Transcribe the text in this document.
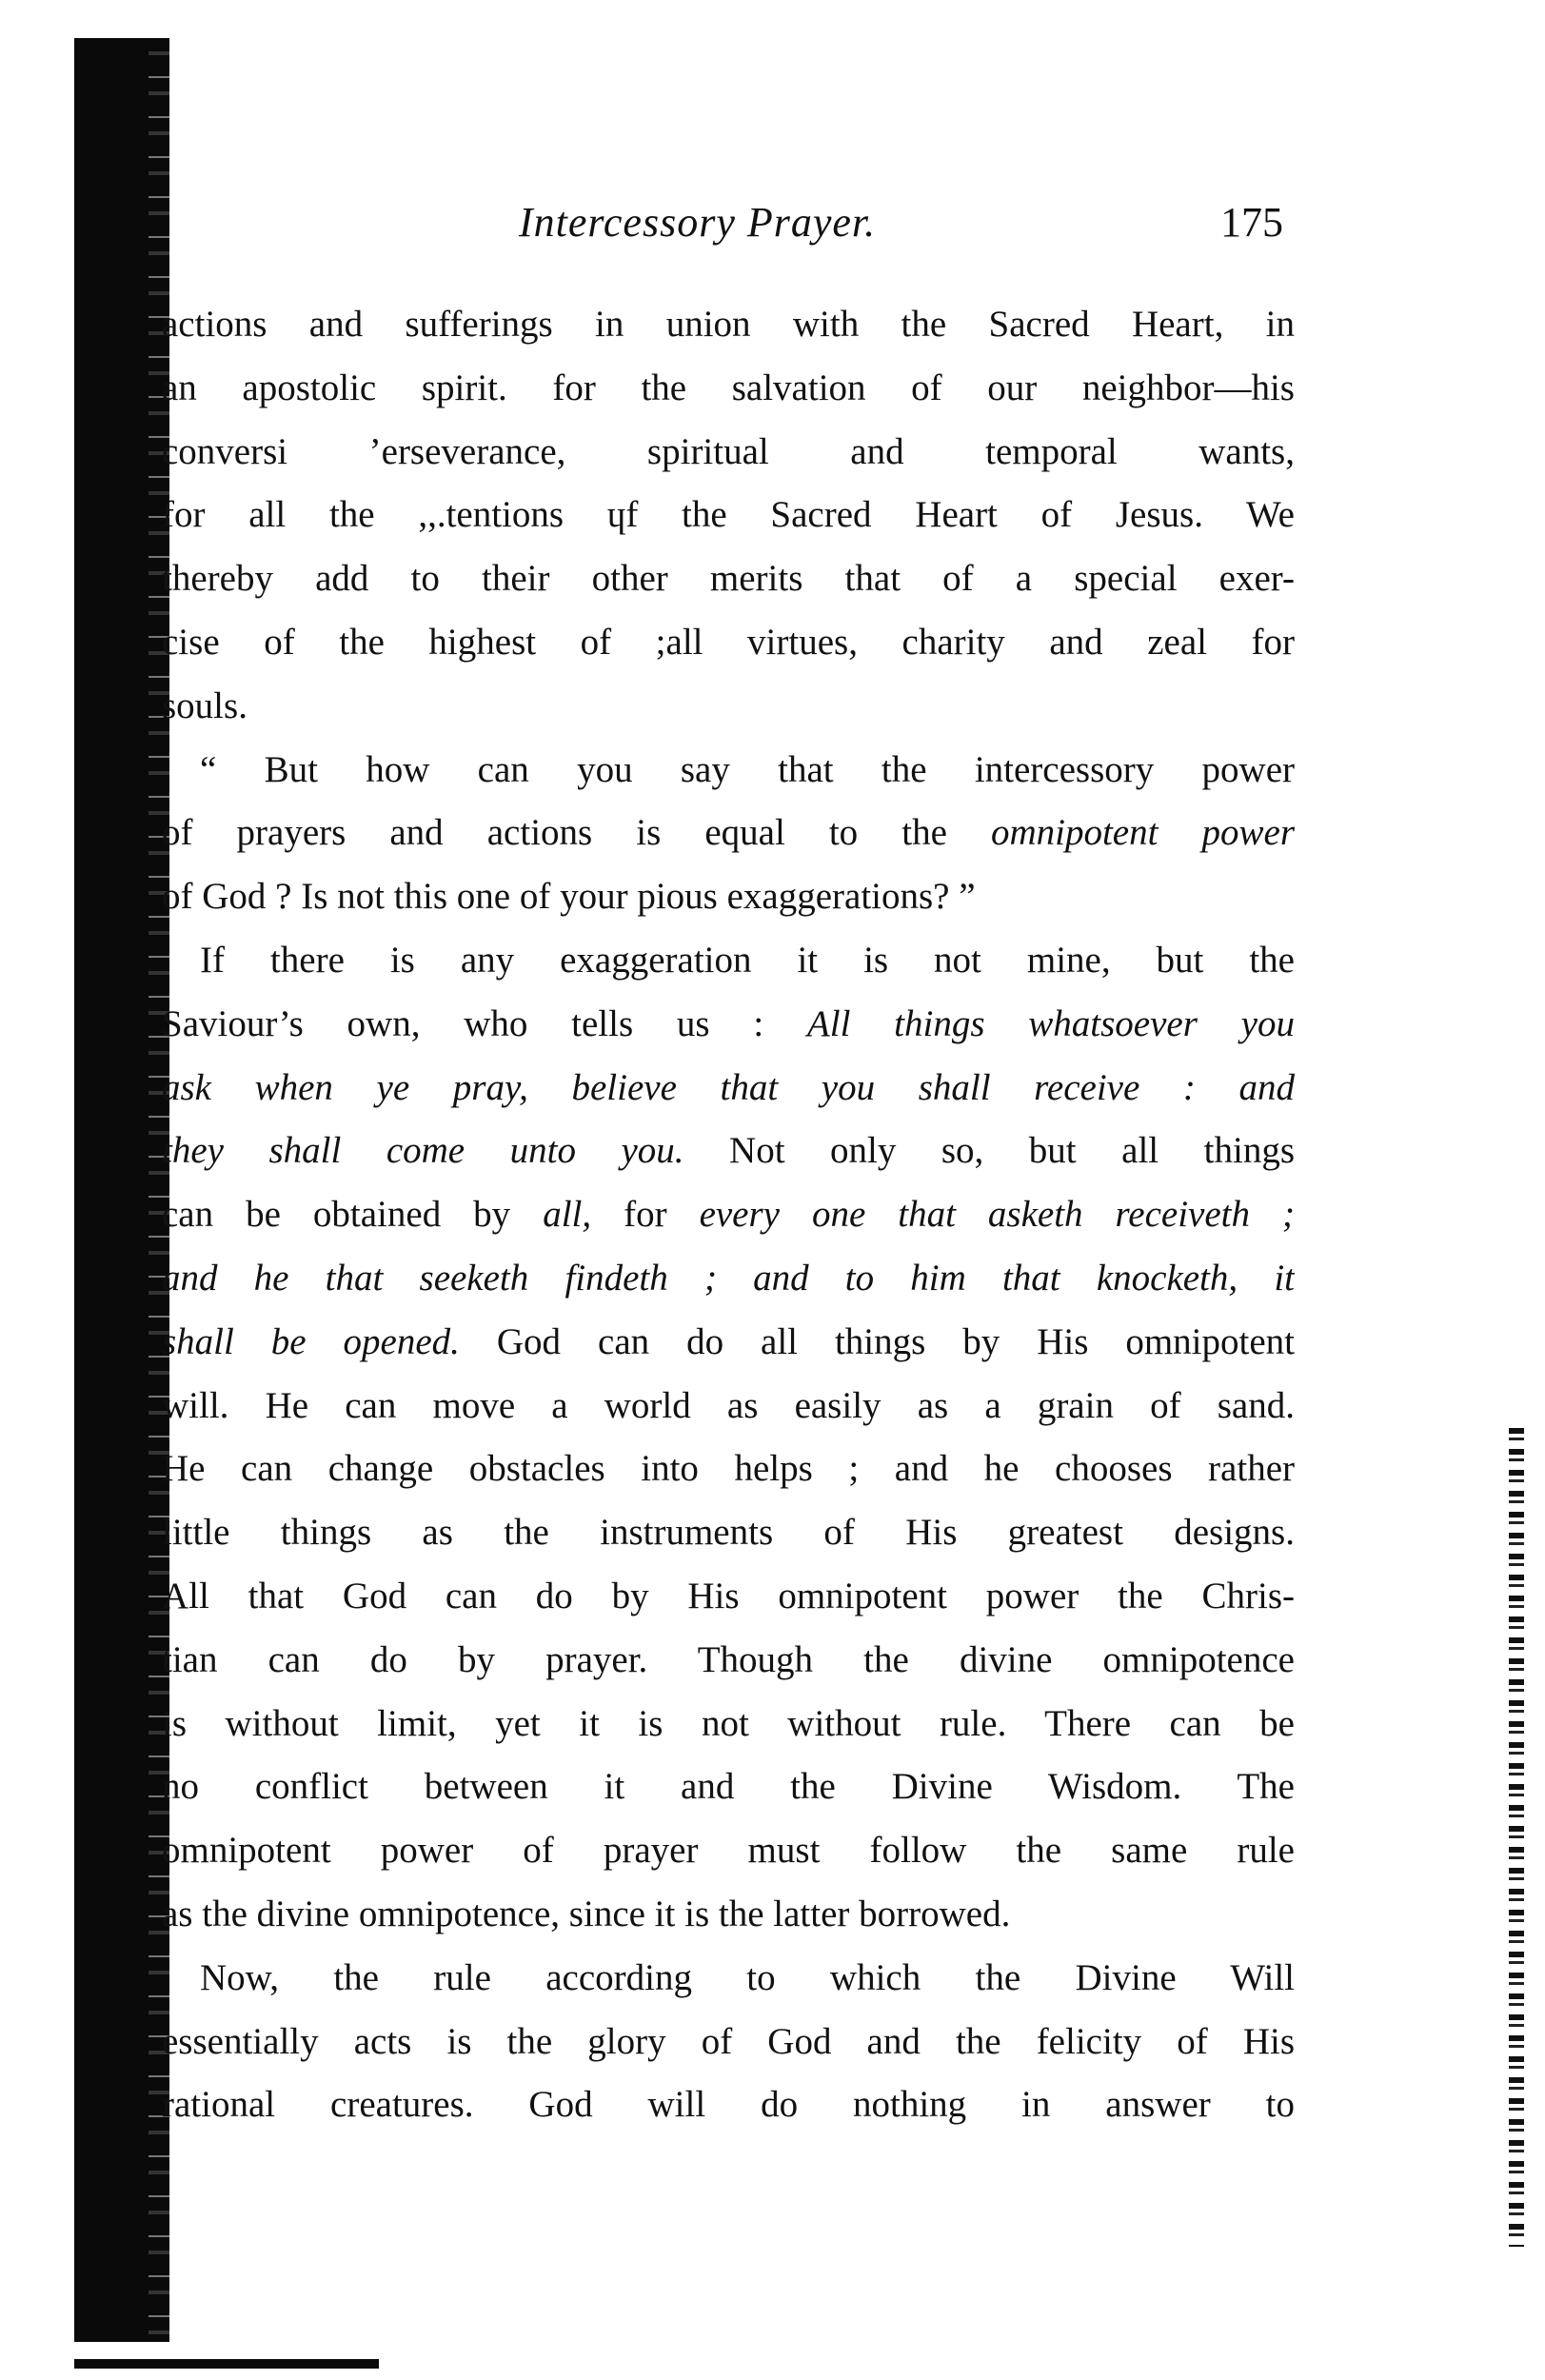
Intercessory Prayer.	175
actions and sufferings in union with the Sacred Heart, in
an apostolic spirit. for the salvation of our neighbor—his
conversi ʼerseverance, spiritual and temporal wants,
for all the ,,.tentions ɥf the Sacred Heart of Jesus. We
thereby add to their other merits that of a special exer-
cise of the highest of ;all virtues, charity and zeal for
souls.
“ But how can you say that the intercessory power
of prayers and actions is equal to the omnipotent power
of God ? Is not this one of your pious exaggerations? ”
If there is any exaggeration it is not mine, but the
Saviour’s own, who tells us : All things whatsoever you
ask when ye pray, believe that you shall receive : and
they shall come unto you. Not only so, but all things
can be obtained by all, for every one that asketh receiveth ;
and he that seeketh findeth ; and to him that knocketh, it
shall be opened. God can do all things by His omnipotent
will. He can move a world as easily as a grain of sand.
He can change obstacles into helps ; and he chooses rather
little things as the instruments of His greatest designs.
All that God can do by His omnipotent power the Chris-
tian can do by prayer. Though the divine omnipotence
is without limit, yet it is not without rule. There can be
no conflict between it and the Divine Wisdom. The
omnipotent power of prayer must follow the same rule
as the divine omnipotence, since it is the latter borrowed.
Now, the rule according to which the Divine Will
essentially acts is the glory of God and the felicity of His
rational creatures. God will do nothing in answer to
